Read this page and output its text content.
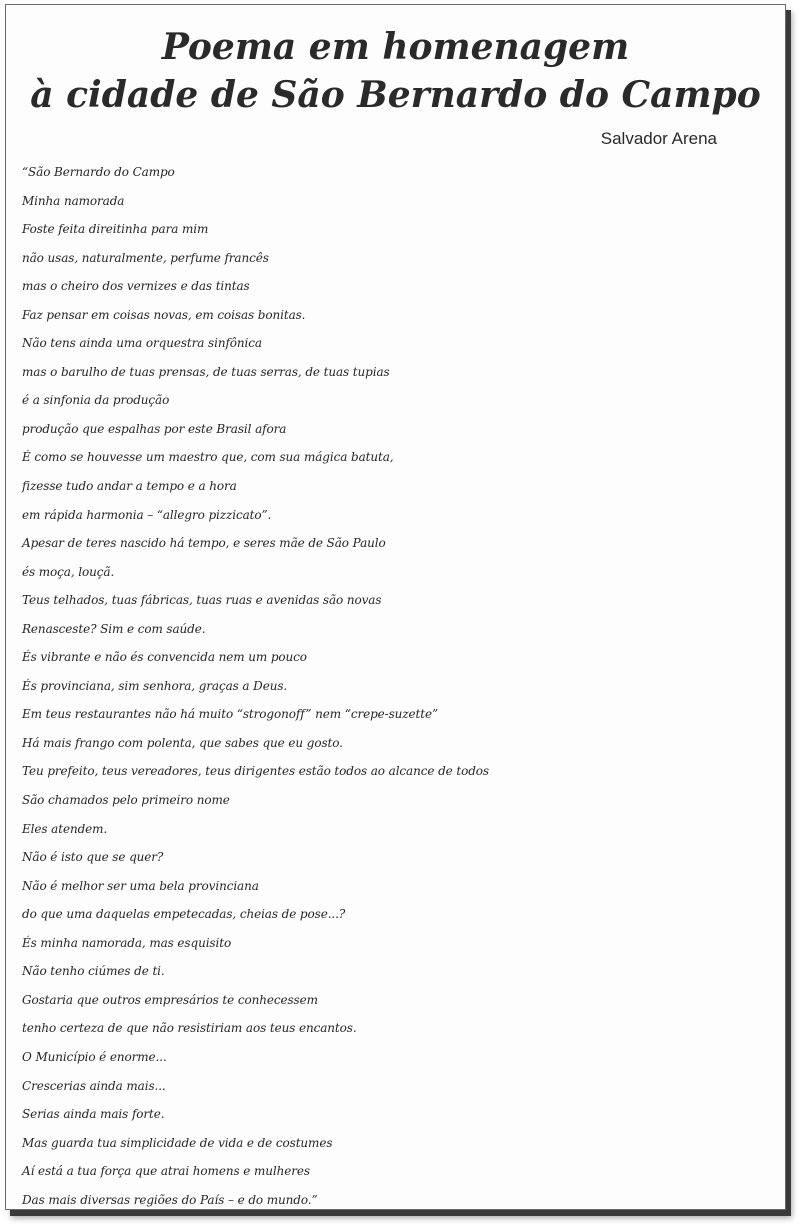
Poema em homenagem
à cidade de São Bernardo do Campo
Salvador Arena
“São Bernardo do Campo
Minha namorada
Foste feita direitinha para mim
não usas, naturalmente, perfume francês
mas o cheiro dos vernizes e das tintas
Faz pensar em coisas novas, em coisas bonitas.
Não tens ainda uma orquestra sinfônica
mas o barulho de tuas prensas, de tuas serras, de tuas tupias
é a sinfonia da produção
produção que espalhas por este Brasil afora
É como se houvesse um maestro que, com sua mágica batuta,
fizesse tudo andar a tempo e a hora
em rápida harmonia – “allegro pizzicato”.
Apesar de teres nascido há tempo, e seres mãe de São Paulo
és moça, louçã.
Teus telhados, tuas fábricas, tuas ruas e avenidas são novas
Renasceste? Sim e com saúde.
És vibrante e não és convencida nem um pouco
És provinciana, sim senhora, graças a Deus.
Em teus restaurantes não há muito “strogonoff” nem “crepe-suzette”
Há mais frango com polenta, que sabes que eu gosto.
Teu prefeito, teus vereadores, teus dirigentes estão todos ao alcance de todos
São chamados pelo primeiro nome
Eles atendem.
Não é isto que se quer?
Não é melhor ser uma bela provinciana
do que uma daquelas empetecadas, cheias de pose...?
És minha namorada, mas esquisito
Não tenho ciúmes de ti.
Gostaria que outros empresários te conhecessem
tenho certeza de que não resistiriam aos teus encantos.
O Município é enorme...
Crescerias ainda mais...
Serias ainda mais forte.
Mas guarda tua simplicidade de vida e de costumes
Aí está a tua força que atrai homens e mulheres
Das mais diversas regiões do País – e do mundo.”
